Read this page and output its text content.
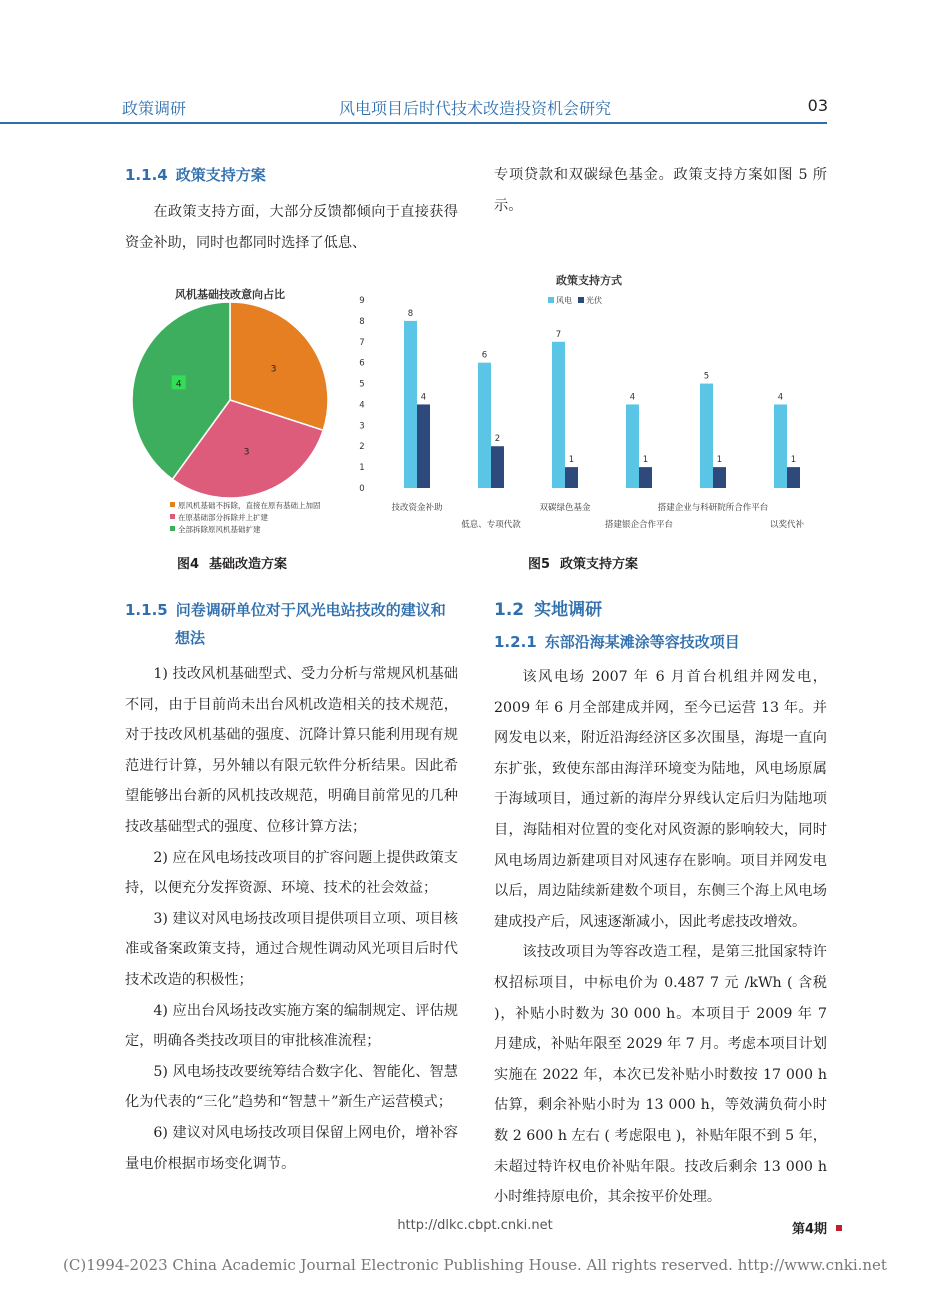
政策调研	风电项目后时代技术改造投资机会研究	03
1.1.4 政策支持方案

在政策支持方面，大部分反馈都倾向于直接获得资金补助，同时也都同时选择了低息、

专项贷款和双碳绿色基金。政策支持方案如图 5 所示。

风机基础技改意向占比
3
3
4
原风机基础不拆除，直接在原有基础上加固
在原基础部分拆除并上扩建
全部拆除原风机基础扩建
政策支持方式
风电 光伏
0
1
2
3
4
5
6
7
8
9
8
4
6
2
7
1
4
1
5
1
4
1
技改资金补助
低息、专项代款
双碳绿色基金
搭建银企合作平台
搭建企业与科研院所合作平台
以奖代补
图4 基础改造方案	图5 政策支持方案
1.1.5 问卷调研单位对于风光电站技改的建议和想法

1) 技改风机基础型式、受力分析与常规风机基础不同，由于目前尚未出台风机改造相关的技术规范，对于技改风机基础的强度、沉降计算只能利用现有规范进行计算，另外辅以有限元软件分析结果。因此希望能够出台新的风机技改规范，明确目前常见的几种技改基础型式的强度、位移计算方法；

2) 应在风电场技改项目的扩容问题上提供政策支持，以便充分发挥资源、环境、技术的社会效益；

3) 建议对风电场技改项目提供项目立项、项目核准或备案政策支持，通过合规性调动风光项目后时代技术改造的积极性；

4) 应出台风场技改实施方案的编制规定、评估规定，明确各类技改项目的审批核准流程；

5) 风电场技改要统筹结合数字化、智能化、智慧化为代表的“三化”趋势和“智慧＋”新生产运营模式；

6) 建议对风电场技改项目保留上网电价，增补容量电价根据市场变化调节。

1.2 实地调研
1.2.1 东部沿海某滩涂等容技改项目

该风电场 2007 年 6 月首台机组并网发电，2009 年 6 月全部建成并网，至今已运营 13 年。并网发电以来，附近沿海经济区多次围垦，海堤一直向东扩张，致使东部由海洋环境变为陆地，风电场原属于海域项目，通过新的海岸分界线认定后归为陆地项目，海陆相对位置的变化对风资源的影响较大，同时风电场周边新建项目对风速存在影响。项目并网发电以后，周边陆续新建数个项目，东侧三个海上风电场建成投产后，风速逐渐减小，因此考虑技改增效。

该技改项目为等容改造工程，是第三批国家特许权招标项目，中标电价为 0.487 7 元 /kWh ( 含税 )，补贴小时数为 30 000 h。本项目于 2009 年 7 月建成，补贴年限至 2029 年 7 月。考虑本项目计划实施在 2022 年，本次已发补贴小时数按 17 000 h 估算，剩余补贴小时为 13 000 h，等效满负荷小时数 2 600 h 左右 ( 考虑限电 )，补贴年限不到 5 年，未超过特许权电价补贴年限。技改后剩余 13 000 h 小时维持原电价，其余按平价处理。

http://dlkc.cbpt.cnki.net	第4期
(C)1994-2023 China Academic Journal Electronic Publishing House. All rights reserved. http://www.cnki.net
